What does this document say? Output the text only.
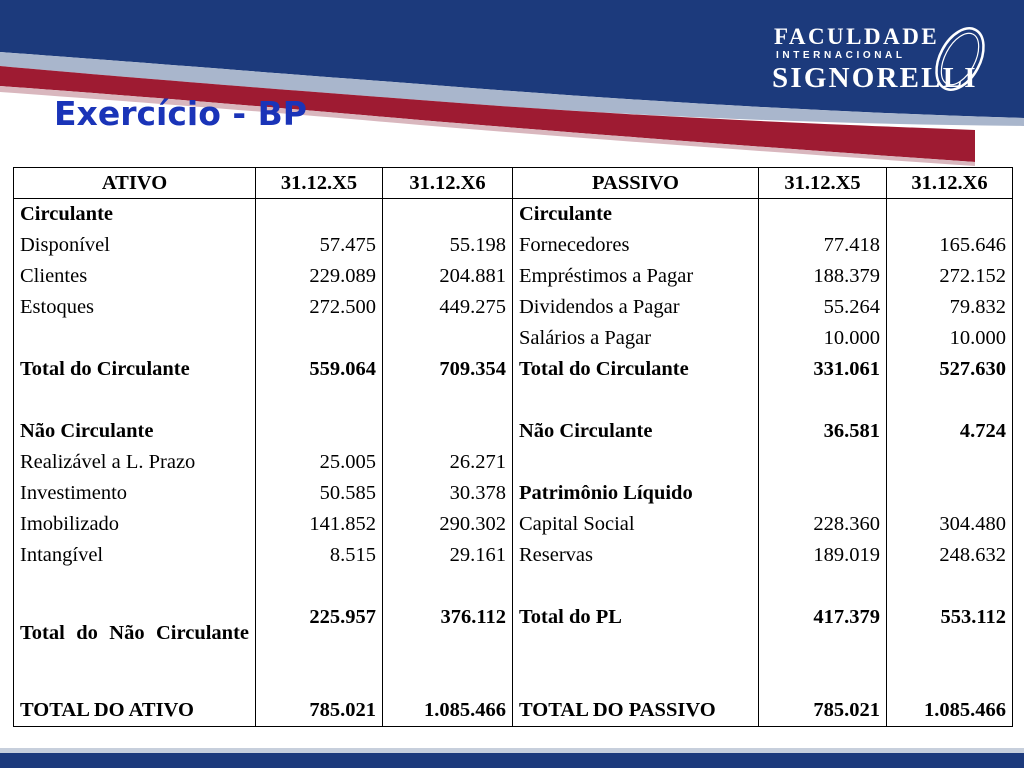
FACULDADE
INTERNACIONAL
SIGNORELLI
Exercício - BP
ATIVO	31.12.X5	31.12.X6	PASSIVO	31.12.X5	31.12.X6
Circulante			Circulante		
Disponível	57.475	55.198	Fornecedores	77.418	165.646
Clientes	229.089	204.881	Empréstimos a Pagar	188.379	272.152
Estoques	272.500	449.275	Dividendos a Pagar	55.264	79.832
			Salários a Pagar	10.000	10.000
Total do Circulante	559.064	709.354	Total do Circulante	331.061	527.630

Não Circulante			Não Circulante	36.581	4.724
Realizável a L. Prazo	25.005	26.271			
Investimento	50.585	30.378	Patrimônio Líquido		
Imobilizado	141.852	290.302	Capital Social	228.360	304.480
Intangível	8.515	29.161	Reservas	189.019	248.632

Total do Não Circulante	225.957	376.112	Total do PL	417.379	553.112

TOTAL DO ATIVO	785.021	1.085.466	TOTAL DO PASSIVO	785.021	1.085.466
